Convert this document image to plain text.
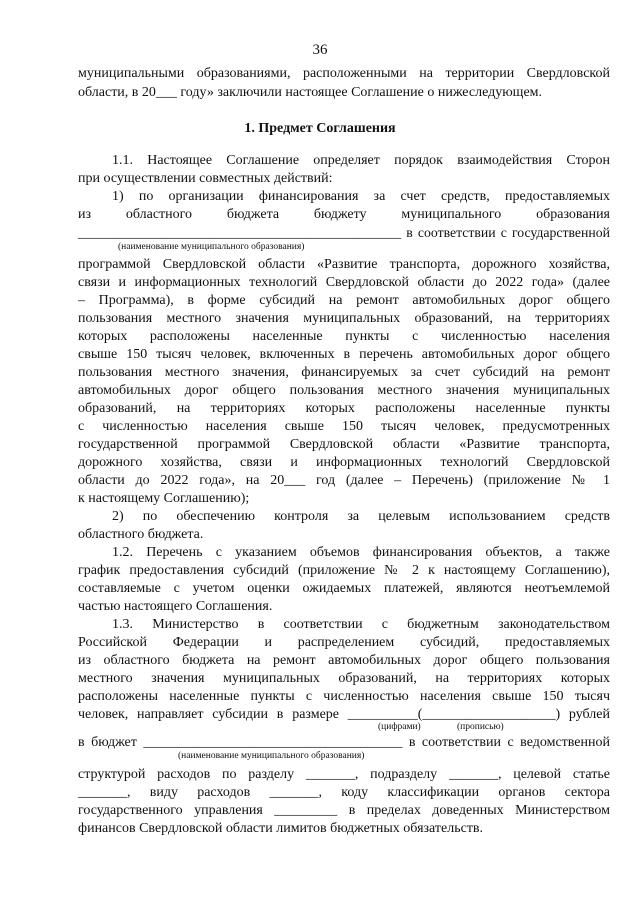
36
муниципальными образованиями, расположенными на территории Свердловской
области, в 20___ году» заключили настоящее Соглашение о нижеследующем.
1. Предмет Соглашения
1.1. Настоящее Соглашение определяет порядок взаимодействия Сторон
при осуществлении совместных действий:
1) по организации финансирования за счет средств, предоставляемых
из областного бюджета бюджету муниципального образования
_______________________________________________ в соответствии с государственной
(наименование муниципального образования)
программой Свердловской области «Развитие транспорта, дорожного хозяйства,
связи и информационных технологий Свердловской области до 2022 года» (далее
– Программа), в форме субсидий на ремонт автомобильных дорог общего
пользования местного значения муниципальных образований, на территориях
которых расположены населенные пункты с численностью населения
свыше 150 тысяч человек, включенных в перечень автомобильных дорог общего
пользования местного значения, финансируемых за счет субсидий на ремонт
автомобильных дорог общего пользования местного значения муниципальных
образований, на территориях которых расположены населенные пункты
с численностью населения свыше 150 тысяч человек, предусмотренных
государственной программой Свердловской области «Развитие транспорта,
дорожного хозяйства, связи и информационных технологий Свердловской
области до 2022 года», на 20___ год (далее – Перечень) (приложение № 1
к настоящему Соглашению);
2) по обеспечению контроля за целевым использованием средств
областного бюджета.
1.2. Перечень с указанием объемов финансирования объектов, а также
график предоставления субсидий (приложение № 2 к настоящему Соглашению),
составляемые с учетом оценки ожидаемых платежей, являются неотъемлемой
частью настоящего Соглашения.
1.3. Министерство в соответствии с бюджетным законодательством
Российской Федерации и распределением субсидий, предоставляемых
из областного бюджета на ремонт автомобильных дорог общего пользования
местного значения муниципальных образований, на территориях которых
расположены населенные пункты с численностью населения свыше 150 тысяч
человек, направляет субсидии в размере __________(___________________) рублей
(цифрами)	(прописью)
в бюджет _____________________________________ в соответствии с ведомственной
(наименование муниципального образования)
структурой расходов по разделу _______, подразделу _______, целевой статье
_______, виду расходов _______, коду классификации органов сектора
государственного управления _________ в пределах доведенных Министерством
финансов Свердловской области лимитов бюджетных обязательств.
